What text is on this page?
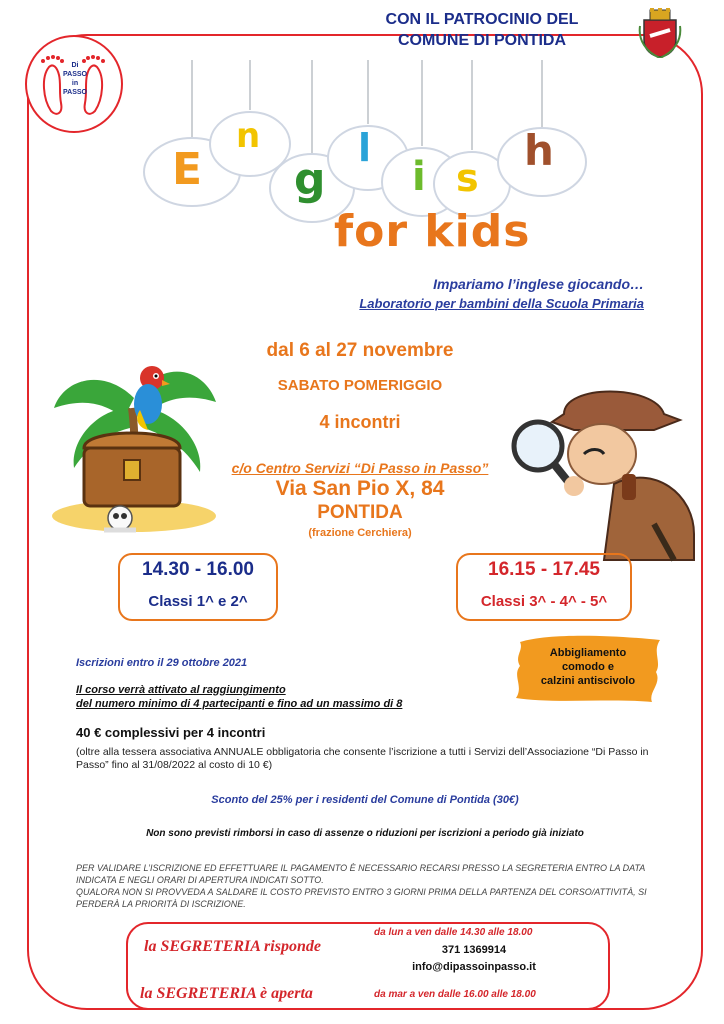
Di
PASSO
in
PASSO
CON IL PATROCINIO DEL
COMUNE DI PONTIDA
E
n
g
l
i s
h
for kids
Impariamo l’inglese giocando…
Laboratorio per bambini della Scuola Primaria
dal 6 al 27 novembre
SABATO POMERIGGIO
4 incontri
c/o Centro Servizi “Di Passo in Passo”
Via San Pio X, 84
PONTIDA
(frazione Cerchiera)
14.30 - 16.00
Classi 1^ e 2^
16.15 - 17.45
Classi 3^ - 4^ - 5^
Abbigliamento
comodo e
calzini antiscivolo
Iscrizioni entro il 29 ottobre 2021
Il corso verrà attivato al raggiungimento
del numero minimo di 4 partecipanti e fino ad un massimo di 8
40 € complessivi per 4 incontri
(oltre alla tessera associativa ANNUALE obbligatoria che consente l’iscrizione a tutti i Servizi dell’Associazione “Di Passo in Passo” fino al 31/08/2022 al costo di 10 €)
Sconto del 25% per i residenti del Comune di Pontida (30€)
Non sono previsti rimborsi in caso di assenze o riduzioni per iscrizioni a periodo già iniziato
PER VALIDARE L’ISCRIZIONE ED EFFETTUARE IL PAGAMENTO È NECESSARIO RECARSI PRESSO LA SEGRETERIA ENTRO LA DATA INDICATA E NEGLI ORARI DI APERTURA INDICATI SOTTO.
QUALORA NON SI PROVVEDA A SALDARE IL COSTO PREVISTO ENTRO 3 GIORNI PRIMA DELLA PARTENZA DEL CORSO/ATTIVITÀ, SI PERDERÀ LA PRIORITÀ DI ISCRIZIONE.
la SEGRETERIA risponde
da lun a ven dalle 14.30 alle 18.00
371 1369914
info@dipassoinpasso.it
la SEGRETERIA è aperta	da mar a ven dalle 16.00 alle 18.00
